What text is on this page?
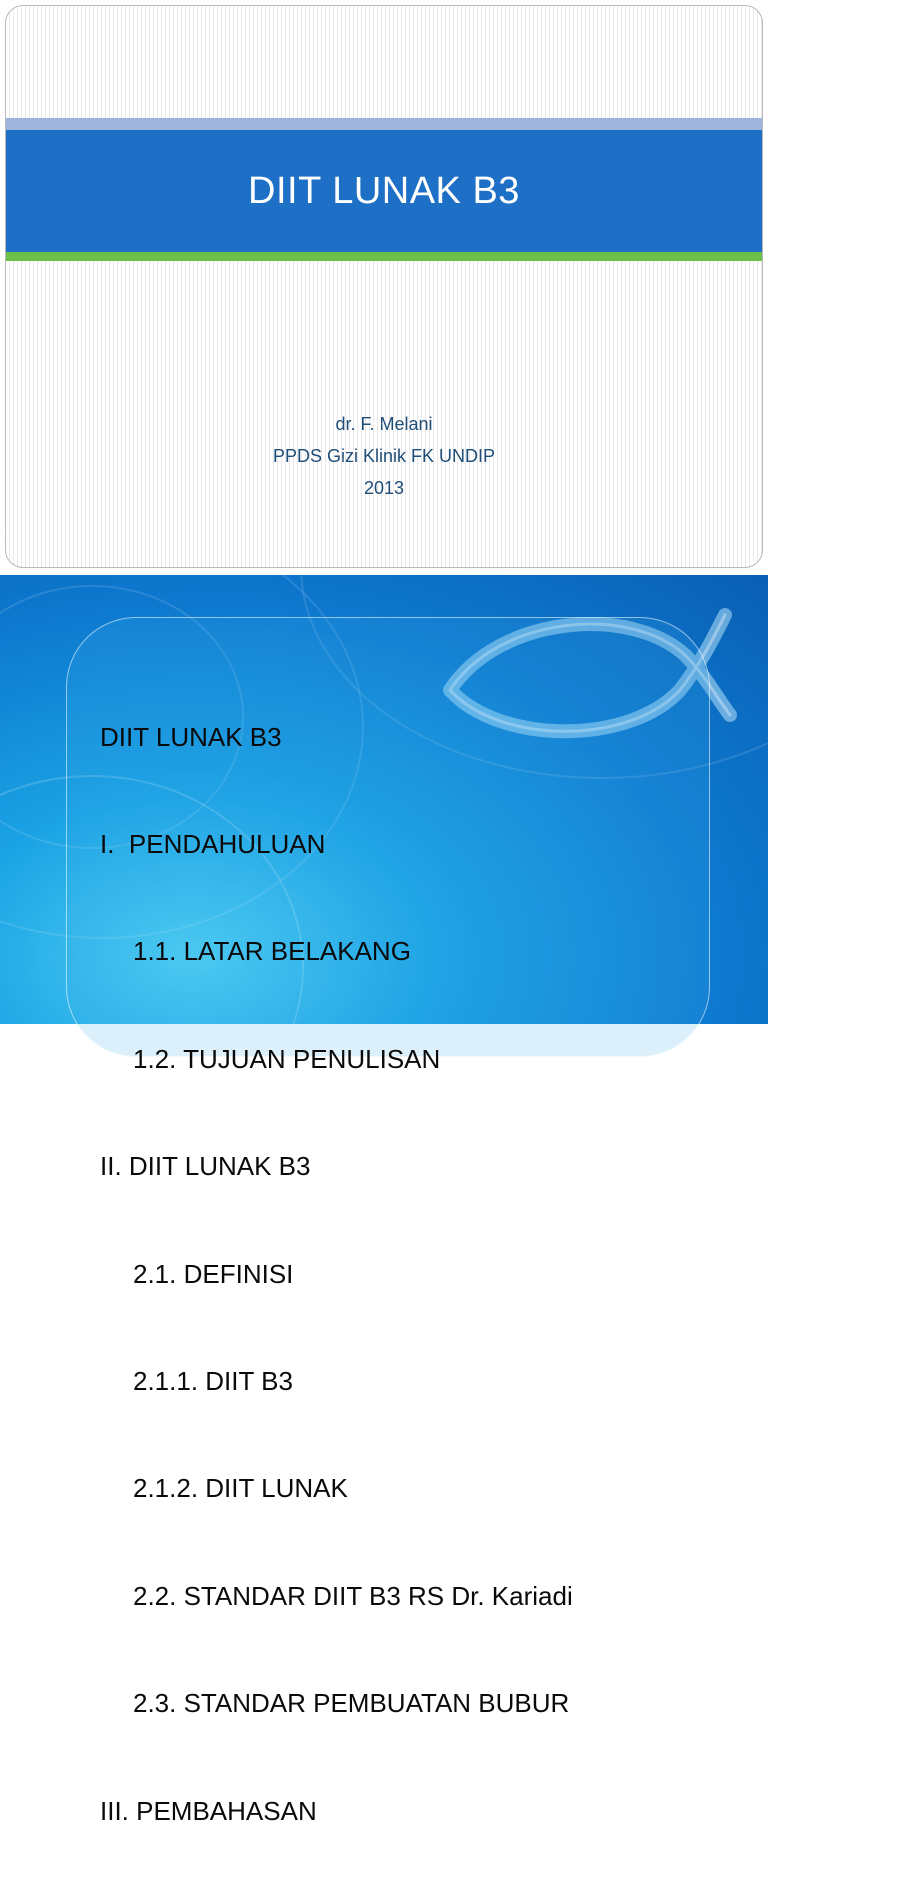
DIIT LUNAK B3
dr. F. Melani
PPDS Gizi Klinik FK UNDIP
2013

DIIT LUNAK B3

I.  PENDAHULUAN

1.1. LATAR BELAKANG

1.2. TUJUAN PENULISAN

II. DIIT LUNAK B3

2.1. DEFINISI

2.1.1. DIIT B3

2.1.2. DIIT LUNAK

2.2. STANDAR DIIT B3 RS Dr. Kariadi

2.3. STANDAR PEMBUATAN BUBUR

III. PEMBAHASAN
